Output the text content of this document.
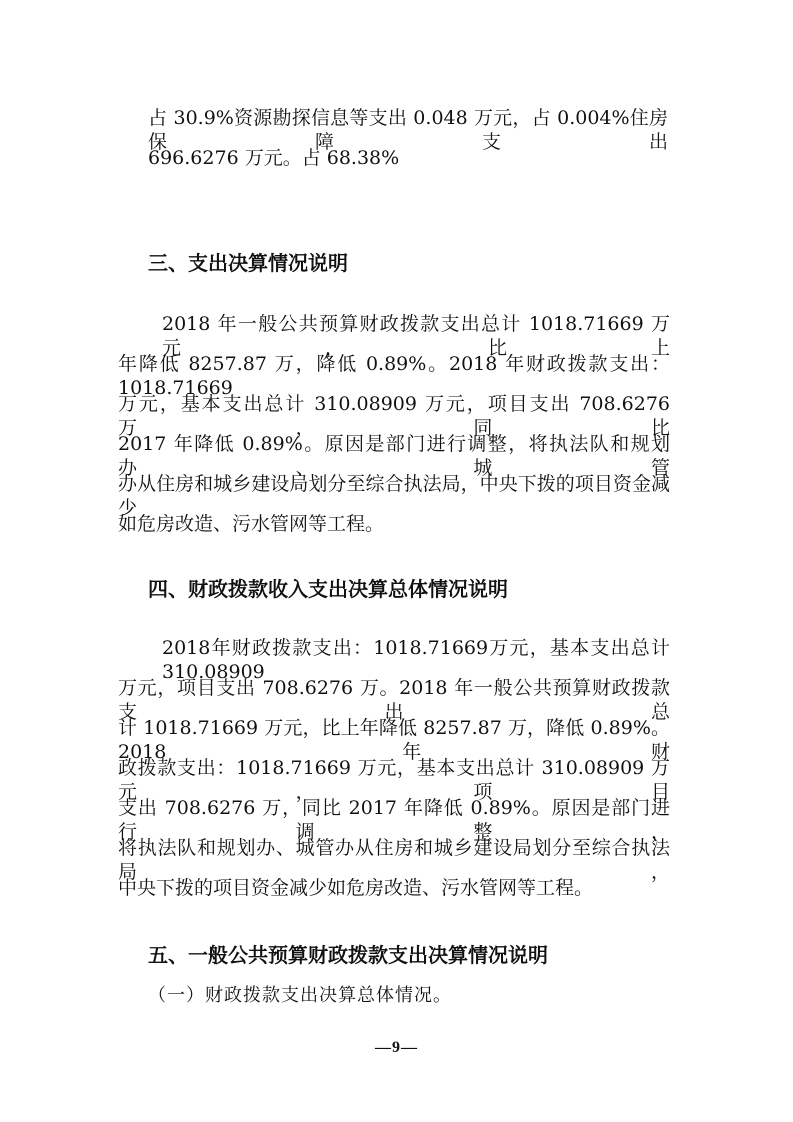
占 30.9%资源勘探信息等支出 0.048 万元，占 0.004%住房保障支出
696.6276 万元。占 68.38%
三、支出决算情况说明
2018 年一般公共预算财政拨款支出总计 1018.71669 万元，比上
年降低 8257.87 万，降低 0.89%。2018 年财政拨款支出：1018.71669
万元，基本支出总计 310.08909 万元，项目支出 708.6276 万，同比
2017 年降低 0.89%。原因是部门进行调整，将执法队和规划办、城管
办从住房和城乡建设局划分至综合执法局，中央下拨的项目资金减少
如危房改造、污水管网等工程。
四、财政拨款收入支出决算总体情况说明
2018年财政拨款支出：1018.71669万元，基本支出总计310.08909
万元，项目支出 708.6276 万。2018 年一般公共预算财政拨款支出总
计 1018.71669 万元，比上年降低 8257.87 万，降低 0.89%。2018 年财
政拨款支出：1018.71669 万元，基本支出总计 310.08909 万元，项目
支出 708.6276 万，同比 2017 年降低 0.89%。原因是部门进行调整，
将执法队和规划办、城管办从住房和城乡建设局划分至综合执法局，
中央下拨的项目资金减少如危房改造、污水管网等工程。
五、一般公共预算财政拨款支出决算情况说明
（一）财政拨款支出决算总体情况。
—9—
